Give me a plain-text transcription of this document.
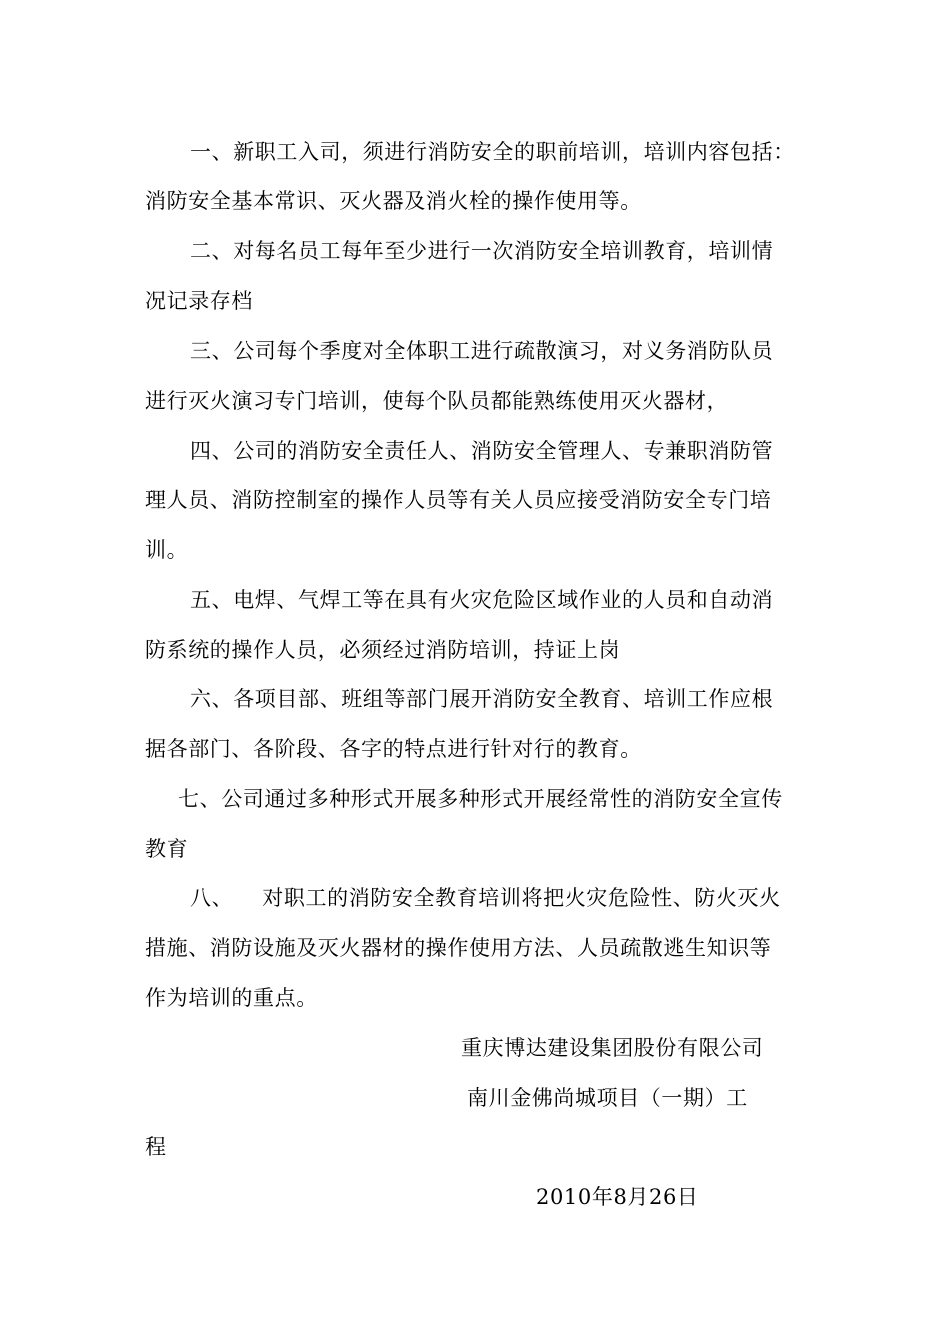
一、新职工入司，须进行消防安全的职前培训，培训内容包括：
消防安全基本常识、灭火器及消火栓的操作使用等。
二、对每名员工每年至少进行一次消防安全培训教育，培训情
况记录存档
三、公司每个季度对全体职工进行疏散演习，对义务消防队员
进行灭火演习专门培训，使每个队员都能熟练使用灭火器材，
四、公司的消防安全责任人、消防安全管理人、专兼职消防管
理人员、消防控制室的操作人员等有关人员应接受消防安全专门培
训。
五、电焊、气焊工等在具有火灾危险区域作业的人员和自动消
防系统的操作人员，必须经过消防培训，持证上岗
六、各项目部、班组等部门展开消防安全教育、培训工作应根
据各部门、各阶段、各字的特点进行针对行的教育。
七、公司通过多种形式开展多种形式开展经常性的消防安全宣传
教育
八、    对职工的消防安全教育培训将把火灾危险性、防火灭火
措施、消防设施及灭火器材的操作使用方法、人员疏散逃生知识等
作为培训的重点。
重庆博达建设集团股份有限公司
南川金佛尚城项目（一期）工
程
2010年8月26日
